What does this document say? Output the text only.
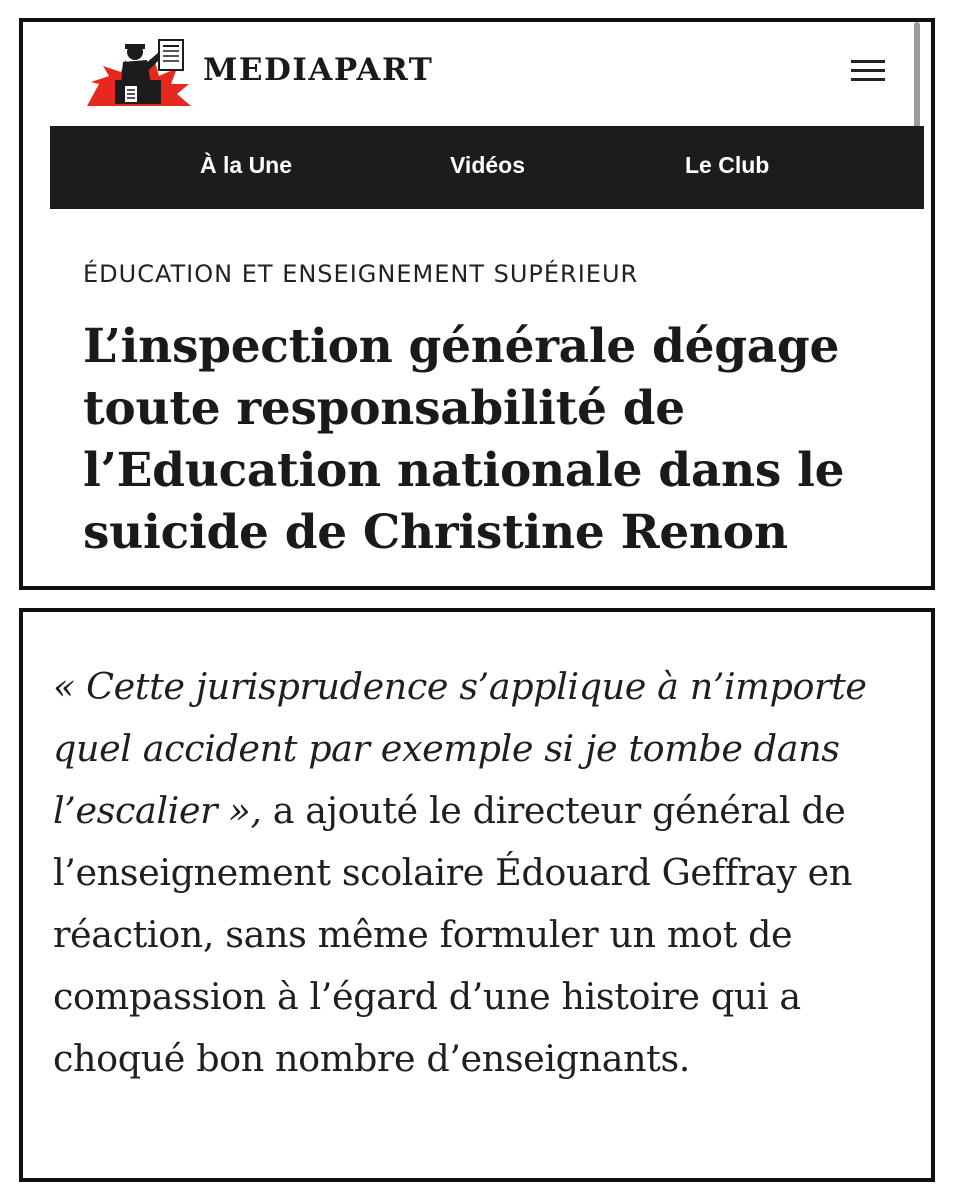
MEDIAPART
À la Une	Vidéos	Le Club
ÉDUCATION ET ENSEIGNEMENT SUPÉRIEUR
L’inspection générale dégage toute responsabilité de l’Education nationale dans le suicide de Christine Renon

« Cette jurisprudence s’applique à n’importe quel accident par exemple si je tombe dans l’escalier », a ajouté le directeur général de l’enseignement scolaire Édouard Geffray en réaction, sans même formuler un mot de compassion à l’égard d’une histoire qui a choqué bon nombre d’enseignants.
